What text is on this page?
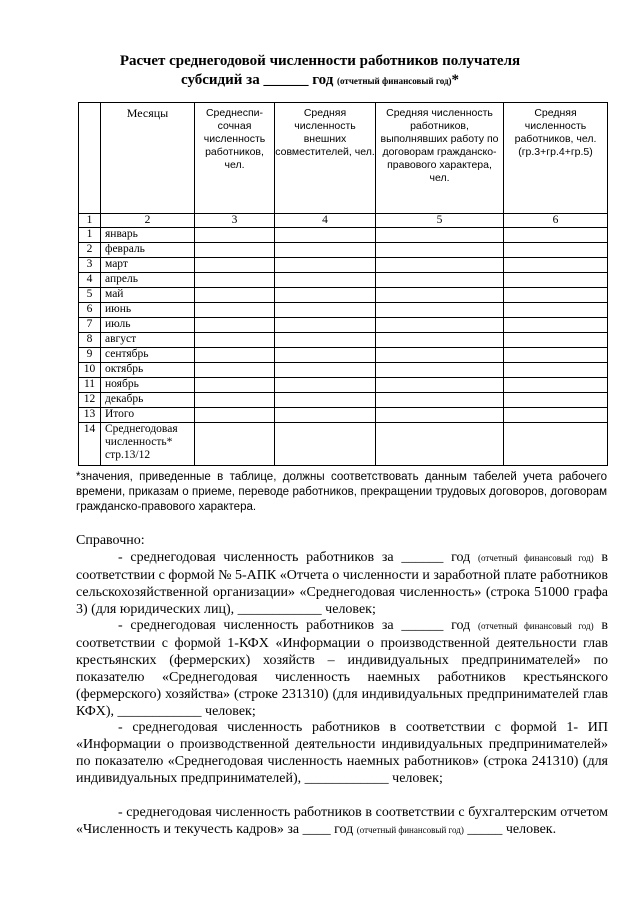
Расчет среднегодовой численности работников получателя
субсидий за ______ год (отчетный финансовый год)*
	Месяцы	Среднеспи-сочная численность работников, чел.	Средняя численность внешних совместителей, чел.	Средняя численность работников, выполнявших работу по договорам гражданско-правового характера, чел.	Средняя численность работников, чел. (гр.3+гр.4+гр.5)
1	2	3	4	5	6
1	январь				
2	февраль				
3	март				
4	апрель				
5	май				
6	июнь				
7	июль				
8	август				
9	сентябрь				
10	октябрь				
11	ноябрь				
12	декабрь				
13	Итого				
14	Среднегодовая численность* стр.13/12				
*значения, приведенные в таблице, должны соответствовать данным табелей учета рабочего времени, приказам о приеме, переводе работников, прекращении трудовых договоров, договорам гражданско-правового характера.
Справочно:
- среднегодовая численность работников за ______ год (отчетный финансовый год) в соответствии с формой № 5-АПК «Отчета о численности и заработной плате работников сельскохозяйственной организации» «Среднегодовая численность» (строка 51000 графа 3) (для юридических лиц), ____________ человек;
- среднегодовая численность работников за ______ год (отчетный финансовый год) в соответствии с формой 1-КФХ «Информации о производственной деятельности глав крестьянских (фермерских) хозяйств – индивидуальных предпринимателей» по показателю «Среднегодовая численность наемных работников крестьянского (фермерского) хозяйства» (строке 231310) (для индивидуальных предпринимателей глав КФХ), ____________ человек;
- среднегодовая численность работников в соответствии с формой 1- ИП «Информации о производственной деятельности индивидуальных предпринимателей» по показателю «Среднегодовая численность наемных работников» (строка 241310) (для индивидуальных предпринимателей), ____________ человек;
- среднегодовая численность работников в соответствии с бухгалтерским отчетом «Численность и текучесть кадров» за ____ год (отчетный финансовый год) _____ человек.
